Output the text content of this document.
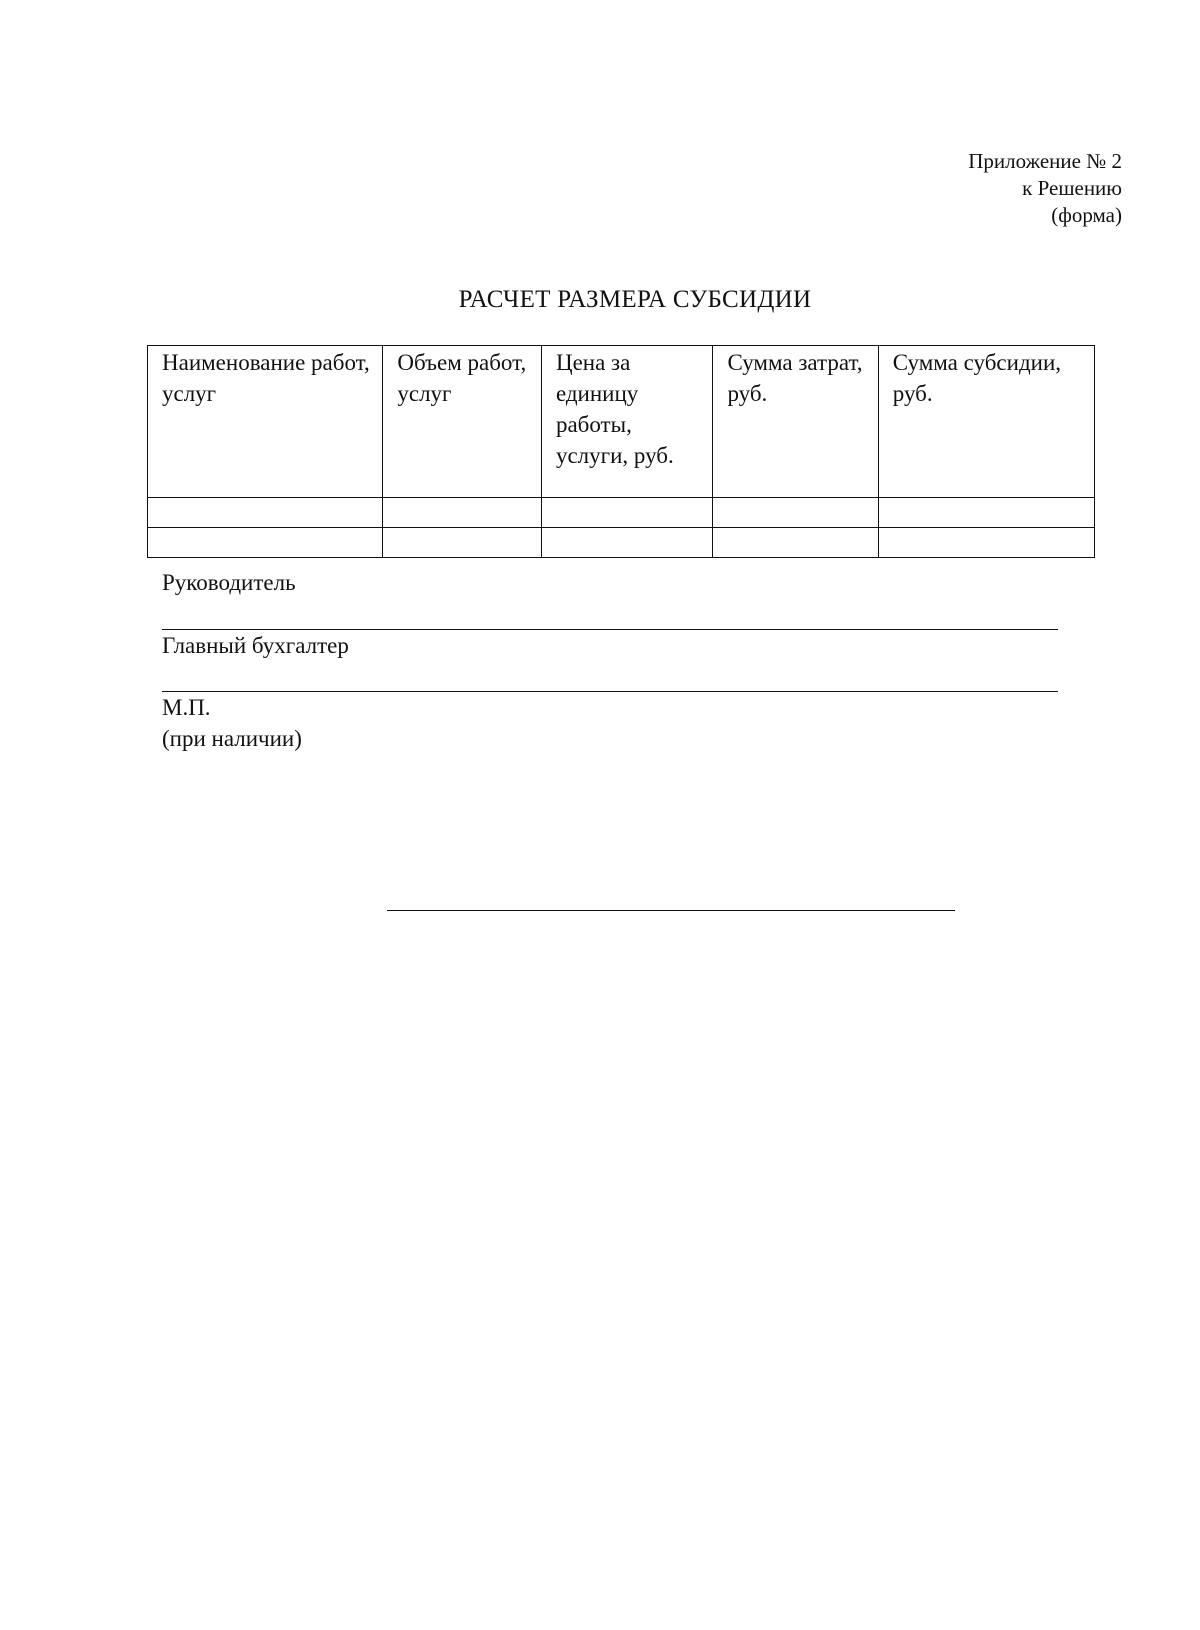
Приложение № 2
к Решению
(форма)
РАСЧЕТ РАЗМЕРА СУБСИДИИ
Наименование работ, услуг	Объем работ, услуг	Цена за единицу работы, услуги, руб.	Сумма затрат, руб.	Сумма субсидии, руб.

Руководитель
Главный бухгалтер
М.П.
(при наличии)
